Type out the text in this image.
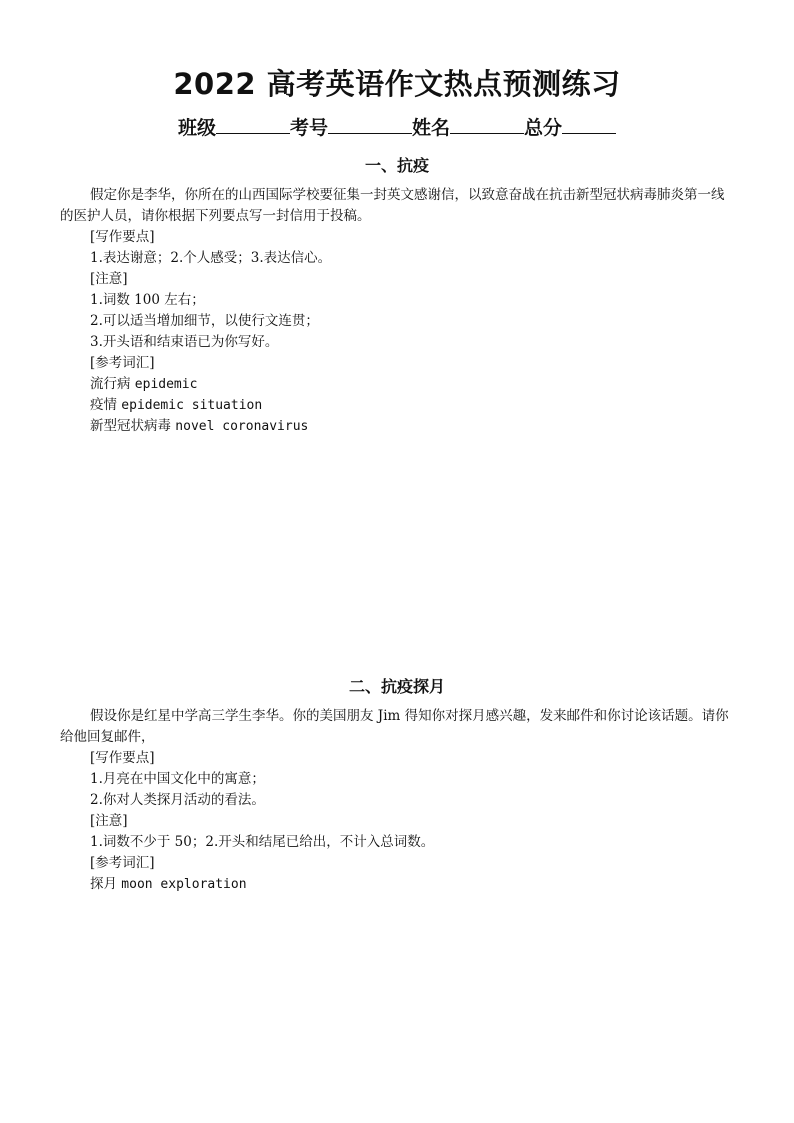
2022 高考英语作文热点预测练习
班级	考号	姓名	总分
一、抗疫

假定你是李华，你所在的山西国际学校要征集一封英文感谢信，以致意奋战在抗击新型冠状病毒肺炎第一线的医护人员，请你根据下列要点写一封信用于投稿。

[写作要点]

1.表达谢意；2.个人感受；3.表达信心。

[注意]

1.词数 100 左右；

2.可以适当增加细节，以使行文连贯；

3.开头语和结束语已为你写好。

[参考词汇]

流行病 epidemic

疫情 epidemic situation

新型冠状病毒 novel coronavirus

二、抗疫探月

假设你是红星中学高三学生李华。你的美国朋友 Jim 得知你对探月感兴趣，发来邮件和你讨论该话题。请你给他回复邮件，

[写作要点]

1.月亮在中国文化中的寓意；

2.你对人类探月活动的看法。

[注意]

1.词数不少于 50；2.开头和结尾已给出，不计入总词数。

[参考词汇]

探月 moon exploration
